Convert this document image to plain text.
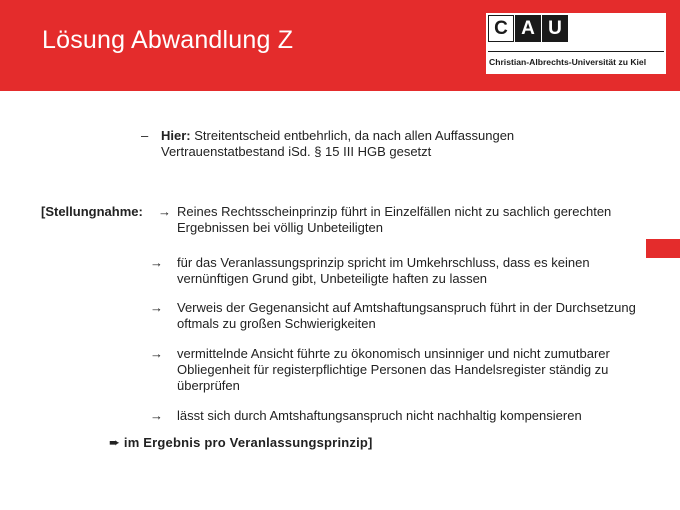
Lösung Abwandlung Z	C A U
Christian-Albrechts-Universität zu Kiel
– Hier: Streitentscheid entbehrlich, da nach allen Auffassungen Vertrauenstatbestand iSd. § 15 III HGB gesetzt
[Stellungnahme: → Reines Rechtsscheinprinzip führt in Einzelfällen nicht zu sachlich gerechten Ergebnissen bei völlig Unbeteiligten
→ für das Veranlassungsprinzip spricht im Umkehrschluss, dass es keinen vernünftigen Grund gibt, Unbeteiligte haften zu lassen
→ Verweis der Gegenansicht auf Amtshaftungsanspruch führt in der Durchsetzung oftmals zu großen Schwierigkeiten
→ vermittelnde Ansicht führte zu ökonomisch unsinniger und nicht zumutbarer Obliegenheit für registerpflichtige Personen das Handelsregister ständig zu überprüfen
→ lässt sich durch Amtshaftungsanspruch nicht nachhaltig kompensieren
➨ im Ergebnis pro Veranlassungsprinzip]
